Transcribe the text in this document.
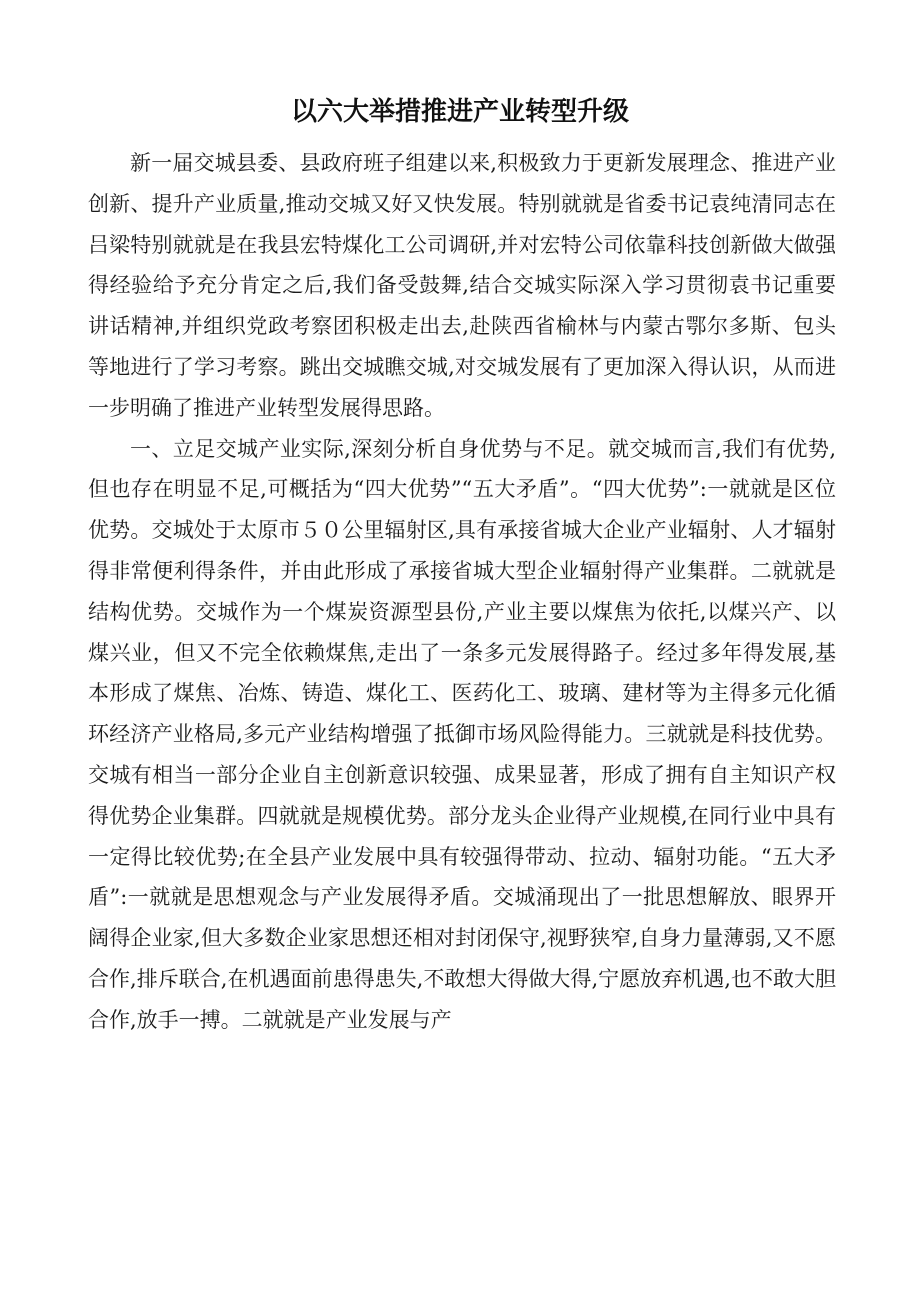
以六大举措推进产业转型升级

新一届交城县委、县政府班子组建以来,积极致力于更新发展理念、推进产业创新、提升产业质量,推动交城又好又快发展。特别就就是省委书记袁纯清同志在吕梁特别就就是在我县宏特煤化工公司调研,并对宏特公司依靠科技创新做大做强得经验给予充分肯定之后,我们备受鼓舞,结合交城实际深入学习贯彻袁书记重要讲话精神,并组织党政考察团积极走出去,赴陕西省榆林与内蒙古鄂尔多斯、包头等地进行了学习考察。跳出交城瞧交城,对交城发展有了更加深入得认识，从而进一步明确了推进产业转型发展得思路。

一、立足交城产业实际,深刻分析自身优势与不足。就交城而言,我们有优势,但也存在明显不足,可概括为“四大优势”“五大矛盾”。“四大优势”:一就就是区位优势。交城处于太原市５０公里辐射区,具有承接省城大企业产业辐射、人才辐射得非常便利得条件，并由此形成了承接省城大型企业辐射得产业集群。二就就是结构优势。交城作为一个煤炭资源型县份,产业主要以煤焦为依托,以煤兴产、以煤兴业，但又不完全依赖煤焦,走出了一条多元发展得路子。经过多年得发展,基本形成了煤焦、冶炼、铸造、煤化工、医药化工、玻璃、建材等为主得多元化循环经济产业格局,多元产业结构增强了抵御市场风险得能力。三就就是科技优势。交城有相当一部分企业自主创新意识较强、成果显著，形成了拥有自主知识产权得优势企业集群。四就就是规模优势。部分龙头企业得产业规模,在同行业中具有一定得比较优势;在全县产业发展中具有较强得带动、拉动、辐射功能。“五大矛盾”:一就就是思想观念与产业发展得矛盾。交城涌现出了一批思想解放、眼界开阔得企业家,但大多数企业家思想还相对封闭保守,视野狭窄,自身力量薄弱,又不愿合作,排斥联合,在机遇面前患得患失,不敢想大得做大得,宁愿放弃机遇,也不敢大胆合作,放手一搏。二就就是产业发展与产
